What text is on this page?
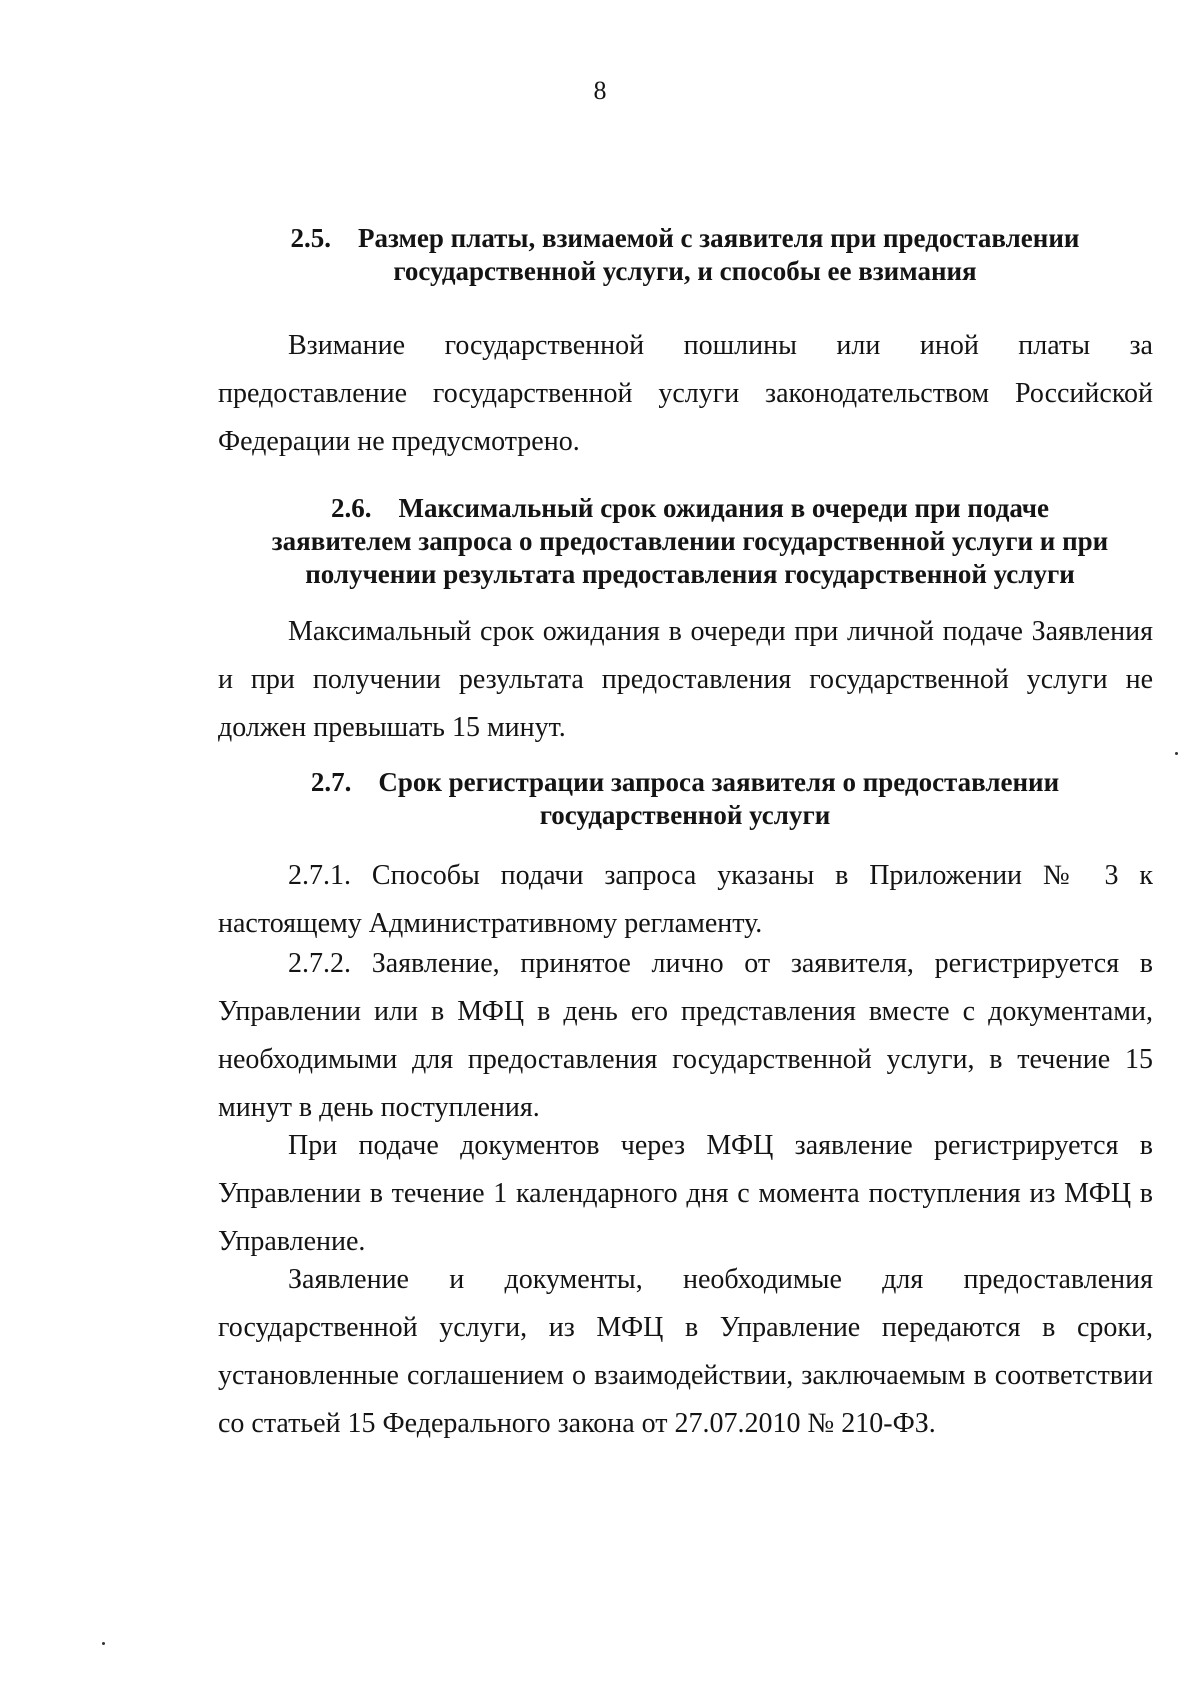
8
2.5. Размер платы, взимаемой с заявителя при предоставлении
государственной услуги, и способы ее взимания

Взимание государственной пошлины или иной платы за предоставление государственной услуги законодательством Российской Федерации не предусмотрено.

2.6. Максимальный срок ожидания в очереди при подаче
заявителем запроса о предоставлении государственной услуги и при
получении результата предоставления государственной услуги

Максимальный срок ожидания в очереди при личной подаче Заявления и при получении результата предоставления государственной услуги не должен превышать 15 минут.

2.7. Срок регистрации запроса заявителя о предоставлении
государственной услуги

2.7.1. Способы подачи запроса указаны в Приложении № 3 к настоящему Административному регламенту.

2.7.2. Заявление, принятое лично от заявителя, регистрируется в Управлении или в МФЦ в день его представления вместе с документами, необходимыми для предоставления государственной услуги, в течение 15 минут в день поступления.

При подаче документов через МФЦ заявление регистрируется в Управлении в течение 1 календарного дня с момента поступления из МФЦ в Управление.

Заявление и документы, необходимые для предоставления государственной услуги, из МФЦ в Управление передаются в сроки, установленные соглашением о взаимодействии, заключаемым в соответствии со статьей 15 Федерального закона от 27.07.2010 № 210-ФЗ.
